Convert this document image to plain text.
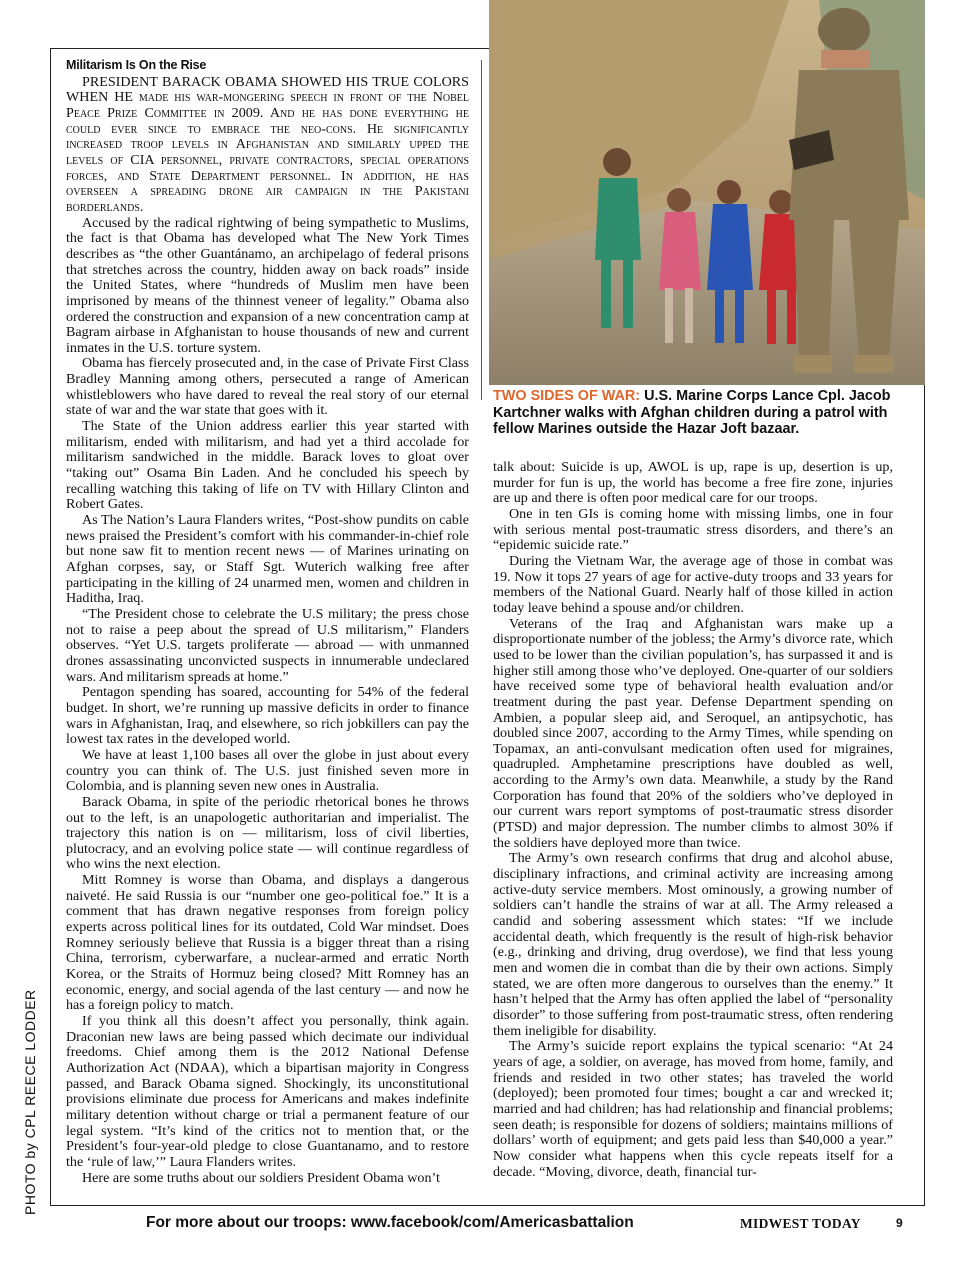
PHOTO by CPL REECE LODDER
Militarism Is On the Rise

PRESIDENT BARACK OBAMA SHOWED HIS TRUE COLORS WHEN HE made his war-mongering speech in front of the Nobel Peace Prize Committee in 2009. And he has done everything he could ever since to embrace the neo-cons. He significantly increased troop levels in Afghanistan and similarly upped the levels of CIA personnel, private contractors, special operations forces, and State Department personnel. In addition, he has overseen a spreading drone air campaign in the Pakistani borderlands.

Accused by the radical rightwing of being sympathetic to Muslims, the fact is that Obama has developed what The New York Times describes as “the other Guantánamo, an archipelago of federal prisons that stretches across the country, hidden away on back roads” inside the United States, where “hundreds of Muslim men have been imprisoned by means of the thinnest veneer of legality.” Obama also ordered the construction and expansion of a new concentration camp at Bagram airbase in Afghanistan to house thousands of new and current inmates in the U.S. torture system.

Obama has fiercely prosecuted and, in the case of Private First Class Bradley Manning among others, persecuted a range of American whistleblowers who have dared to reveal the real story of our eternal state of war and the war state that goes with it.

The State of the Union address earlier this year started with militarism, ended with militarism, and had yet a third accolade for militarism sandwiched in the middle. Barack loves to gloat over “taking out” Osama Bin Laden. And he concluded his speech by recalling watching this taking of life on TV with Hillary Clinton and Robert Gates.

As The Nation’s Laura Flanders writes, “Post-show pundits on cable news praised the President’s comfort with his commander-in-chief role but none saw fit to mention recent news — of Marines urinating on Afghan corpses, say, or Staff Sgt. Wuterich walking free after participating in the killing of 24 unarmed men, women and children in Haditha, Iraq.

“The President chose to celebrate the U.S military; the press chose not to raise a peep about the spread of U.S militarism,” Flanders observes. “Yet U.S. targets proliferate — abroad — with unmanned drones assassinating unconvicted suspects in innumerable undeclared wars. And militarism spreads at home.”

Pentagon spending has soared, accounting for 54% of the federal budget. In short, we’re running up massive deficits in order to finance wars in Afghanistan, Iraq, and elsewhere, so rich jobkillers can pay the lowest tax rates in the developed world.

We have at least 1,100 bases all over the globe in just about every country you can think of. The U.S. just finished seven more in Colombia, and is planning seven new ones in Australia.

Barack Obama, in spite of the periodic rhetorical bones he throws out to the left, is an unapologetic authoritarian and imperialist. The trajectory this nation is on — militarism, loss of civil liberties, plutocracy, and an evolving police state — will continue regardless of who wins the next election.

Mitt Romney is worse than Obama, and displays a dangerous naiveté. He said Russia is our “number one geo-political foe.” It is a comment that has drawn negative responses from foreign policy experts across political lines for its outdated, Cold War mindset. Does Romney seriously believe that Russia is a bigger threat than a rising China, terrorism, cyberwarfare, a nuclear-armed and erratic North Korea, or the Straits of Hormuz being closed? Mitt Romney has an economic, energy, and social agenda of the last century — and now he has a foreign policy to match.

If you think all this doesn’t affect you personally, think again. Draconian new laws are being passed which decimate our individual freedoms. Chief among them is the 2012 National Defense Authorization Act (NDAA), which a bipartisan majority in Congress passed, and Barack Obama signed. Shockingly, its unconstitutional provisions eliminate due process for Americans and makes indefinite military detention without charge or trial a permanent feature of our legal system. “It’s kind of the critics not to mention that, or the President’s four-year-old pledge to close Guantanamo, and to restore the ‘rule of law,’” Laura Flanders writes.

Here are some truths about our soldiers President Obama won’t

TWO SIDES OF WAR: U.S. Marine Corps Lance Cpl. Jacob Kartchner walks with Afghan children during a patrol with fellow Marines outside the Hazar Joft bazaar.

talk about: Suicide is up, AWOL is up, rape is up, desertion is up, murder for fun is up, the world has become a free fire zone, injuries are up and there is often poor medical care for our troops.

One in ten GIs is coming home with missing limbs, one in four with serious mental post-traumatic stress disorders, and there’s an “epidemic suicide rate.”

During the Vietnam War, the average age of those in combat was 19. Now it tops 27 years of age for active-duty troops and 33 years for members of the National Guard. Nearly half of those killed in action today leave behind a spouse and/or children.

Veterans of the Iraq and Afghanistan wars make up a disproportionate number of the jobless; the Army’s divorce rate, which used to be lower than the civilian population’s, has surpassed it and is higher still among those who’ve deployed. One-quarter of our soldiers have received some type of behavioral health evaluation and/or treatment during the past year. Defense Department spending on Ambien, a popular sleep aid, and Seroquel, an antipsychotic, has doubled since 2007, according to the Army Times, while spending on Topamax, an anti-convulsant medication often used for migraines, quadrupled. Amphetamine prescriptions have doubled as well, according to the Army’s own data. Meanwhile, a study by the Rand Corporation has found that 20% of the soldiers who’ve deployed in our current wars report symptoms of post-traumatic stress disorder (PTSD) and major depression. The number climbs to almost 30% if the soldiers have deployed more than twice.

The Army’s own research confirms that drug and alcohol abuse, disciplinary infractions, and criminal activity are increasing among active-duty service members. Most ominously, a growing number of soldiers can’t handle the strains of war at all. The Army released a candid and sobering assessment which states: “If we include accidental death, which frequently is the result of high-risk behavior (e.g., drinking and driving, drug overdose), we find that less young men and women die in combat than die by their own actions. Simply stated, we are often more dangerous to ourselves than the enemy.” It hasn’t helped that the Army has often applied the label of “personality disorder” to those suffering from post-traumatic stress, often rendering them ineligible for disability.

The Army’s suicide report explains the typical scenario: “At 24 years of age, a soldier, on average, has moved from home, family, and friends and resided in two other states; has traveled the world (deployed); been promoted four times; bought a car and wrecked it; married and had children; has had relationship and financial problems; seen death; is responsible for dozens of soldiers; maintains millions of dollars’ worth of equipment; and gets paid less than $40,000 a year.” Now consider what happens when this cycle repeats itself for a decade. “Moving, divorce, death, financial tur-

For more about our troops: www.facebook/com/Americasbattalion	MIDWEST TODAY	9
